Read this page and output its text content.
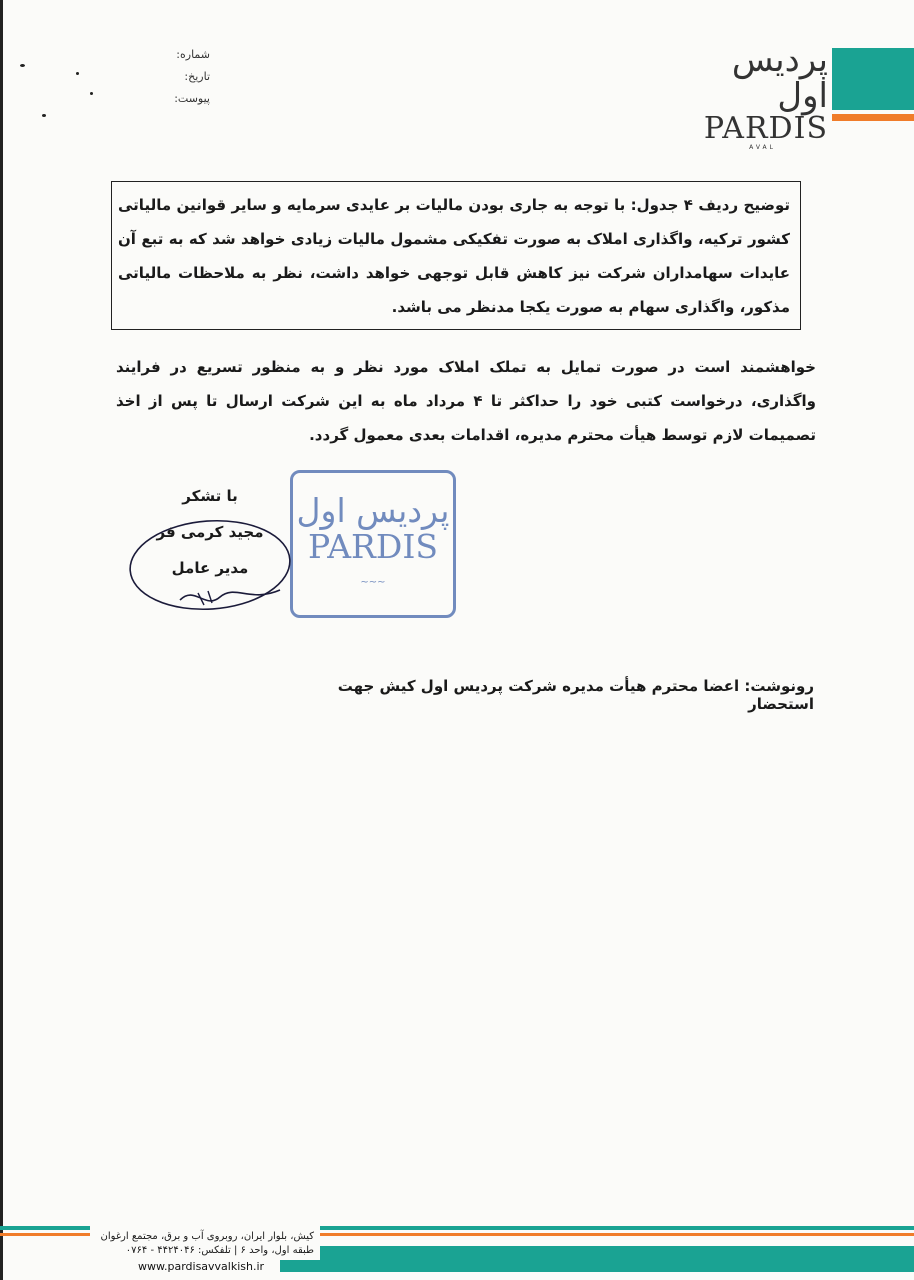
پردیس اول
PARDIS
AVAL
شماره:
تاریخ:
پیوست:
توضیح ردیف ۴ جدول: با توجه به جاری بودن مالیات بر عایدی سرمایه و سایر قوانین مالیاتی کشور ترکیه، واگذاری املاک به صورت تفکیکی مشمول مالیات زیادی خواهد شد که به تبع آن عایدات سهامداران شرکت نیز کاهش قابل توجهی خواهد داشت، نظر به ملاحظات مالیاتی مذکور، واگذاری سهام به صورت یکجا مدنظر می باشد.
خواهشمند است در صورت تمایل به تملک املاک مورد نظر و به منظور تسریع در فرایند واگذاری، درخواست کتبی خود را حداکثر تا ۴ مرداد ماه به این شرکت ارسال تا پس از اخذ تصمیمات لازم توسط هیأت محترم مدیره، اقدامات بعدی معمول گردد.
پردیس اول
PARDIS
~~~
با تشکر
مجید کرمی فر
مدیر عامل
رونوشت: اعضا محترم هیأت مدیره شرکت پردیس اول کیش جهت استحضار
کیش، بلوار ایران، روبروی آب و برق، مجتمع ارغوان
طبقه اول، واحد ۶ | تلفکس: ۴۴۲۴۰۴۶ - ۰۷۶۴
www.pardisavvalkish.ir
